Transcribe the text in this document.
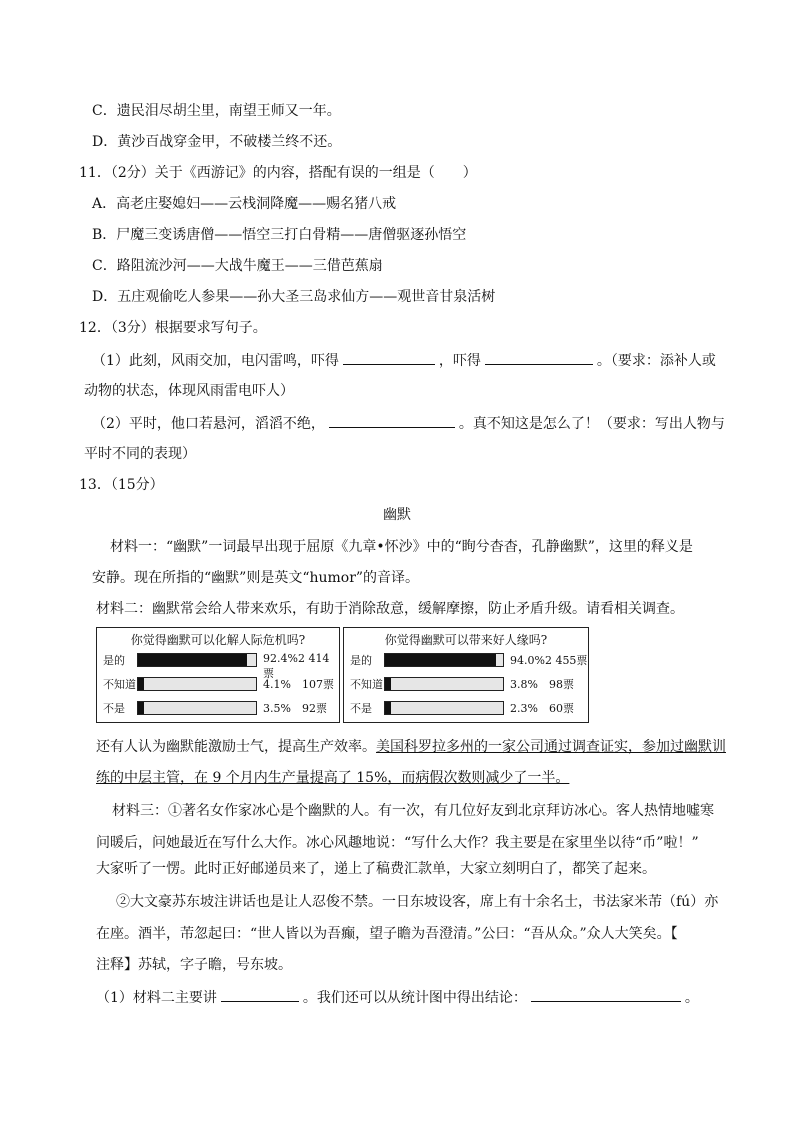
C．遗民泪尽胡尘里，南望王师又一年。
D．黄沙百战穿金甲，不破楼兰终不还。
11．（2分）关于《西游记》的内容，搭配有误的一组是（　　）
A．高老庄娶媳妇——云栈洞降魔——赐名猪八戒
B．尸魔三变诱唐僧——悟空三打白骨精——唐僧驱逐孙悟空
C．路阻流沙河——大战牛魔王——三借芭蕉扇
D．五庄观偷吃人参果——孙大圣三岛求仙方——观世音甘泉活树
12．（3分）根据要求写句子。
（1）此刻，风雨交加，电闪雷鸣，吓得	，吓得	。（要求：添补人或
动物的状态，体现风雨雷电吓人）
（2）平时，他口若悬河，滔滔不绝，	。真不知这是怎么了！（要求：写出人物与
平时不同的表现）
13．（15分）
幽默
材料一：“幽默”一词最早出现于屈原《九章•怀沙》中的“眴兮杳杳，孔静幽默”，这里的释义是
安静。现在所指的“幽默”则是英文“humor”的音译。
材料二：幽默常会给人带来欢乐，有助于消除敌意，缓解摩擦，防止矛盾升级。请看相关调查。
你觉得幽默可以化解人际危机吗?
是的	92.4%2 414票
不知道	4.1%　107票
不是	3.5%　92票
你觉得幽默可以带来好人缘吗?
是的	94.0%2 455票
不知道	3.8%　98票
不是	2.3%　60票
还有人认为幽默能激励士气，提高生产效率。美国科罗拉多州的一家公司通过调查证实，参加过幽默训
练的中层主管，在 9 个月内生产量提高了 15%，而病假次数则减少了一半。
材料三：①著名女作家冰心是个幽默的人。有一次，有几位好友到北京拜访冰心。客人热情地嘘寒
问暖后，问她最近在写什么大作。冰心风趣地说：“写什么大作？我主要是在家里坐以待“币”啦！”
大家听了一愣。此时正好邮递员来了，递上了稿费汇款单，大家立刻明白了，都笑了起来。
②大文豪苏东坡注讲话也是让人忍俊不禁。一日东坡设客，席上有十余名士，书法家米芾（fú）亦
在座。酒半，芾忽起曰：“世人皆以为吾癫，望子瞻为吾澄清。”公曰：“吾从众。”众人大笑矣。【
注释】苏轼，字子瞻，号东坡。
（1）材料二主要讲	。我们还可以从统计图中得出结论：	。
